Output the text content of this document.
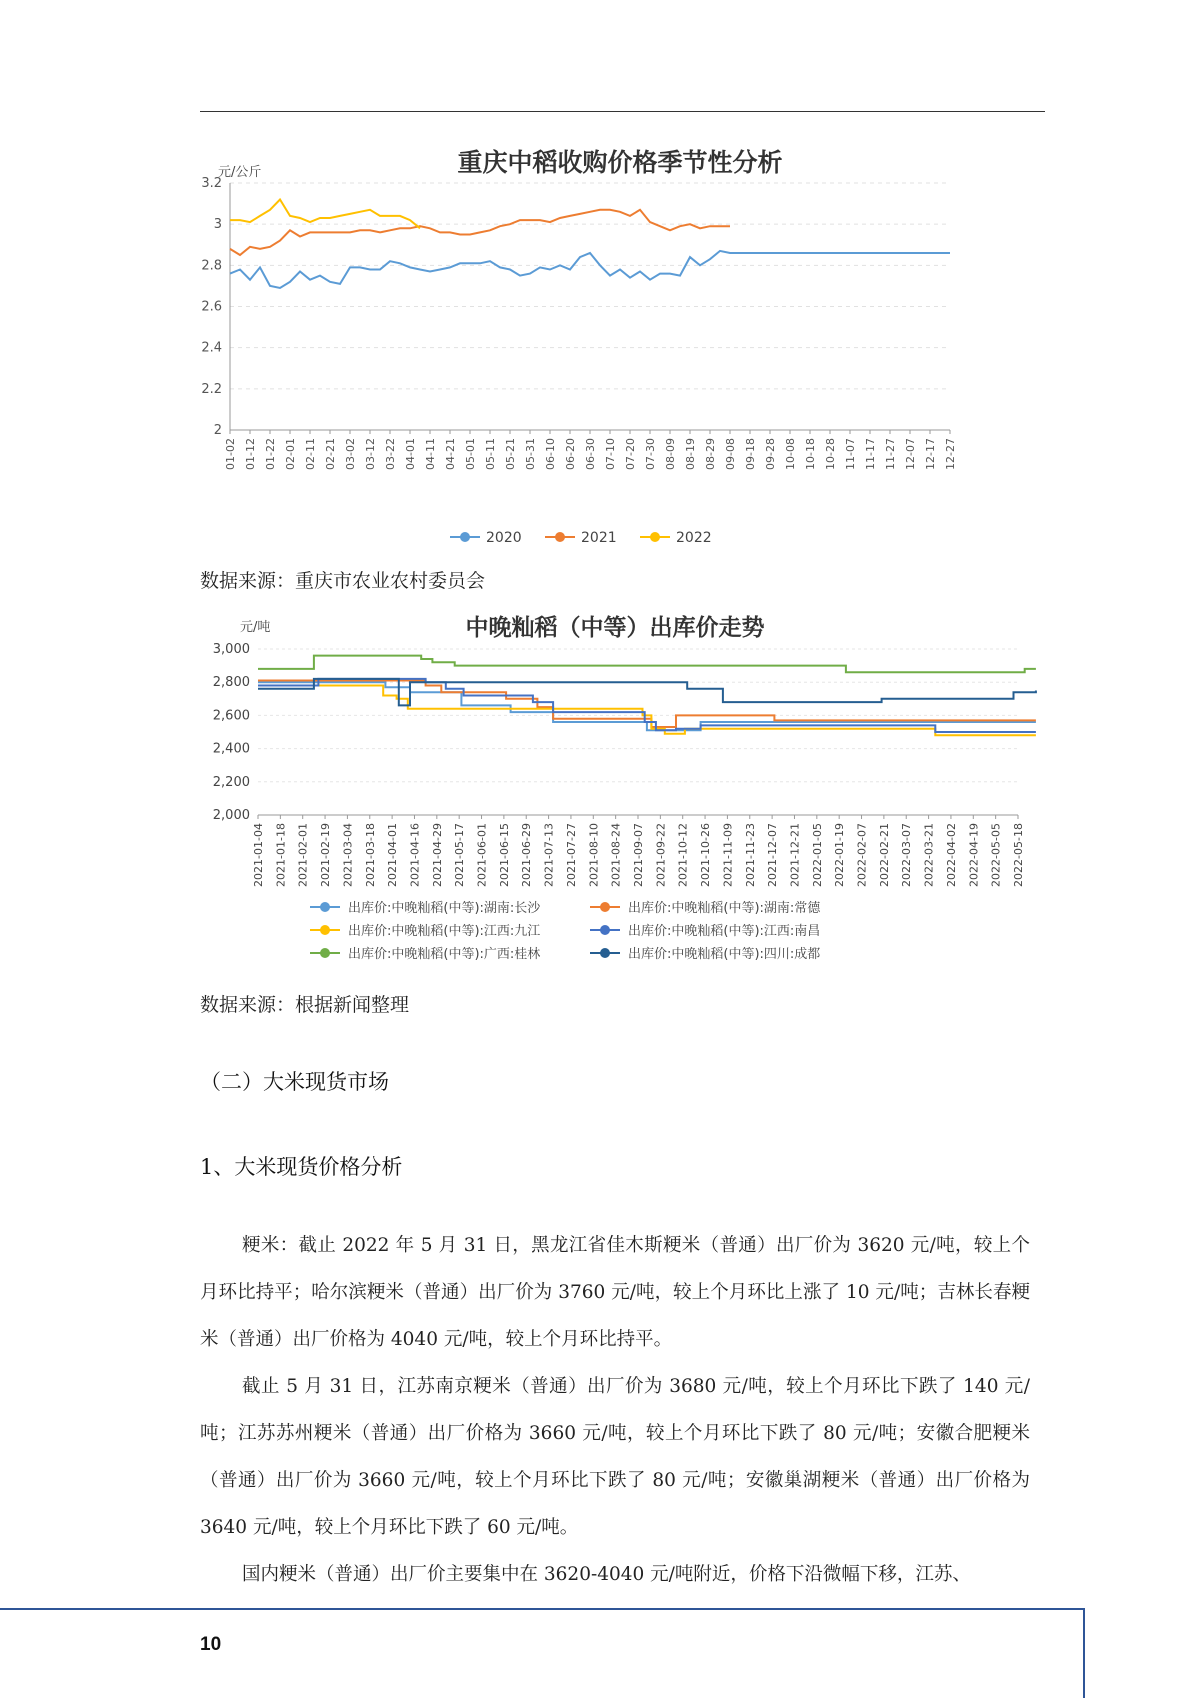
重庆中稻收购价格季节性分析
元/公斤
2
2.2
2.4
2.6
2.8
3
3.2
01-02 01-12 01-22 02-01 02-11 02-21 03-02 03-12 03-22 04-01 04-11 04-21 05-01 05-11 05-21 05-31 06-10 06-20 06-30 07-10 07-20 07-30 08-09 08-19 08-29 09-08 09-18 09-28 10-08 10-18 10-28 11-07 11-17 11-27 12-07 12-17 12-27
2020	2021	2022
数据来源：重庆市农业农村委员会
中晚籼稻（中等）出库价走势
元/吨
2,000
2,200
2,400
2,600
2,800
3,000
2021-01-04 2021-01-18 2021-02-01 2021-02-19 2021-03-04 2021-03-18 2021-04-01 2021-04-16 2021-04-29 2021-05-17 2021-06-01 2021-06-15 2021-06-29 2021-07-13 2021-07-27 2021-08-10 2021-08-24 2021-09-07 2021-09-22 2021-10-12 2021-10-26 2021-11-09 2021-11-23 2021-12-07 2021-12-21 2022-01-05 2022-01-19 2022-02-07 2022-02-21 2022-03-07 2022-03-21 2022-04-02 2022-04-19 2022-05-05 2022-05-18
出库价:中晚籼稻(中等):湖南:长沙	出库价:中晚籼稻(中等):湖南:常德
出库价:中晚籼稻(中等):江西:九江	出库价:中晚籼稻(中等):江西:南昌
出库价:中晚籼稻(中等):广西:桂林	出库价:中晚籼稻(中等):四川:成都
数据来源：根据新闻整理
（二）大米现货市场
1、大米现货价格分析

粳米：截止 2022 年 5 月 31 日，黑龙江省佳木斯粳米（普通）出厂价为 3620 元/吨，较上个月环比持平；哈尔滨粳米（普通）出厂价为 3760 元/吨，较上个月环比上涨了 10 元/吨；吉林长春粳米（普通）出厂价格为 4040 元/吨，较上个月环比持平。

截止 5 月 31 日，江苏南京粳米（普通）出厂价为 3680 元/吨，较上个月环比下跌了 140 元/吨；江苏苏州粳米（普通）出厂价格为 3660 元/吨，较上个月环比下跌了 80 元/吨；安徽合肥粳米（普通）出厂价为 3660 元/吨，较上个月环比下跌了 80 元/吨；安徽巢湖粳米（普通）出厂价格为 3640 元/吨，较上个月环比下跌了 60 元/吨。

国内粳米（普通）出厂价主要集中在 3620-4040 元/吨附近，价格下沿微幅下移，江苏、

10
